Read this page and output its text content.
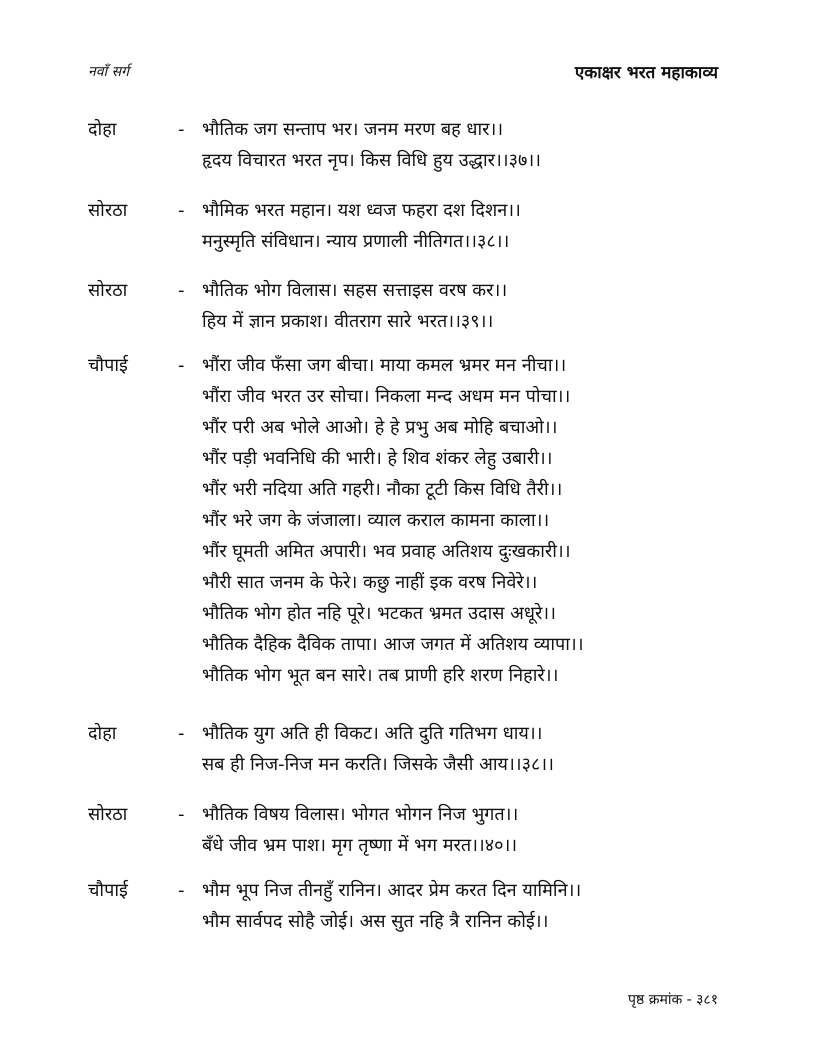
नवाँ सर्ग	एकाक्षर भरत महाकाव्य
दोहा	- भौतिक जग सन्ताप भर। जनम मरण बह धार।।
हृदय विचारत भरत नृप। किस विधि हुय उद्धार।।३७।।
सोरठा	- भौमिक भरत महान। यश ध्वज फहरा दश दिशन।।
मनुस्मृति संविधान। न्याय प्रणाली नीतिगत।।३८।।
सोरठा	- भौतिक भोग विलास। सहस सत्ताइस वरष कर।।
हिय में ज्ञान प्रकाश। वीतराग सारे भरत।।३९।।
चौपाई	- भौंरा जीव फँसा जग बीचा। माया कमल भ्रमर मन नीचा।।
भौंरा जीव भरत उर सोचा। निकला मन्द अधम मन पोचा।।
भौंर परी अब भोले आओ। हे हे प्रभु अब मोहि बचाओ।।
भौंर पड़ी भवनिधि की भारी। हे शिव शंकर लेहु उबारी।।
भौंर भरी नदिया अति गहरी। नौका टूटी किस विधि तैरी।।
भौंर भरे जग के जंजाला। व्याल कराल कामना काला।।
भौंर घूमती अमित अपारी। भव प्रवाह अतिशय दुःखकारी।।
भौरी सात जनम के फेरे। कछु नाहीं इक वरष निवेरे।।
भौतिक भोग होत नहि पूरे। भटकत भ्रमत उदास अधूरे।।
भौतिक दैहिक दैविक तापा। आज जगत में अतिशय व्यापा।।
भौतिक भोग भूत बन सारे। तब प्राणी हरि शरण निहारे।।
दोहा	- भौतिक युग अति ही विकट। अति दुति गतिभग धाय।।
सब ही निज-निज मन करति। जिसके जैसी आय।।३८।।
सोरठा	- भौतिक विषय विलास। भोगत भोगन निज भुगत।।
बँधे जीव भ्रम पाश। मृग तृष्णा में भग मरत।।४०।।
चौपाई	- भौम भूप निज तीनहुँ रानिन। आदर प्रेम करत दिन यामिनि।।
भौम सार्वपद सोहै जोई। अस सुत नहि त्रै रानिन कोई।।
पृष्ठ क्रमांक - ३८१
